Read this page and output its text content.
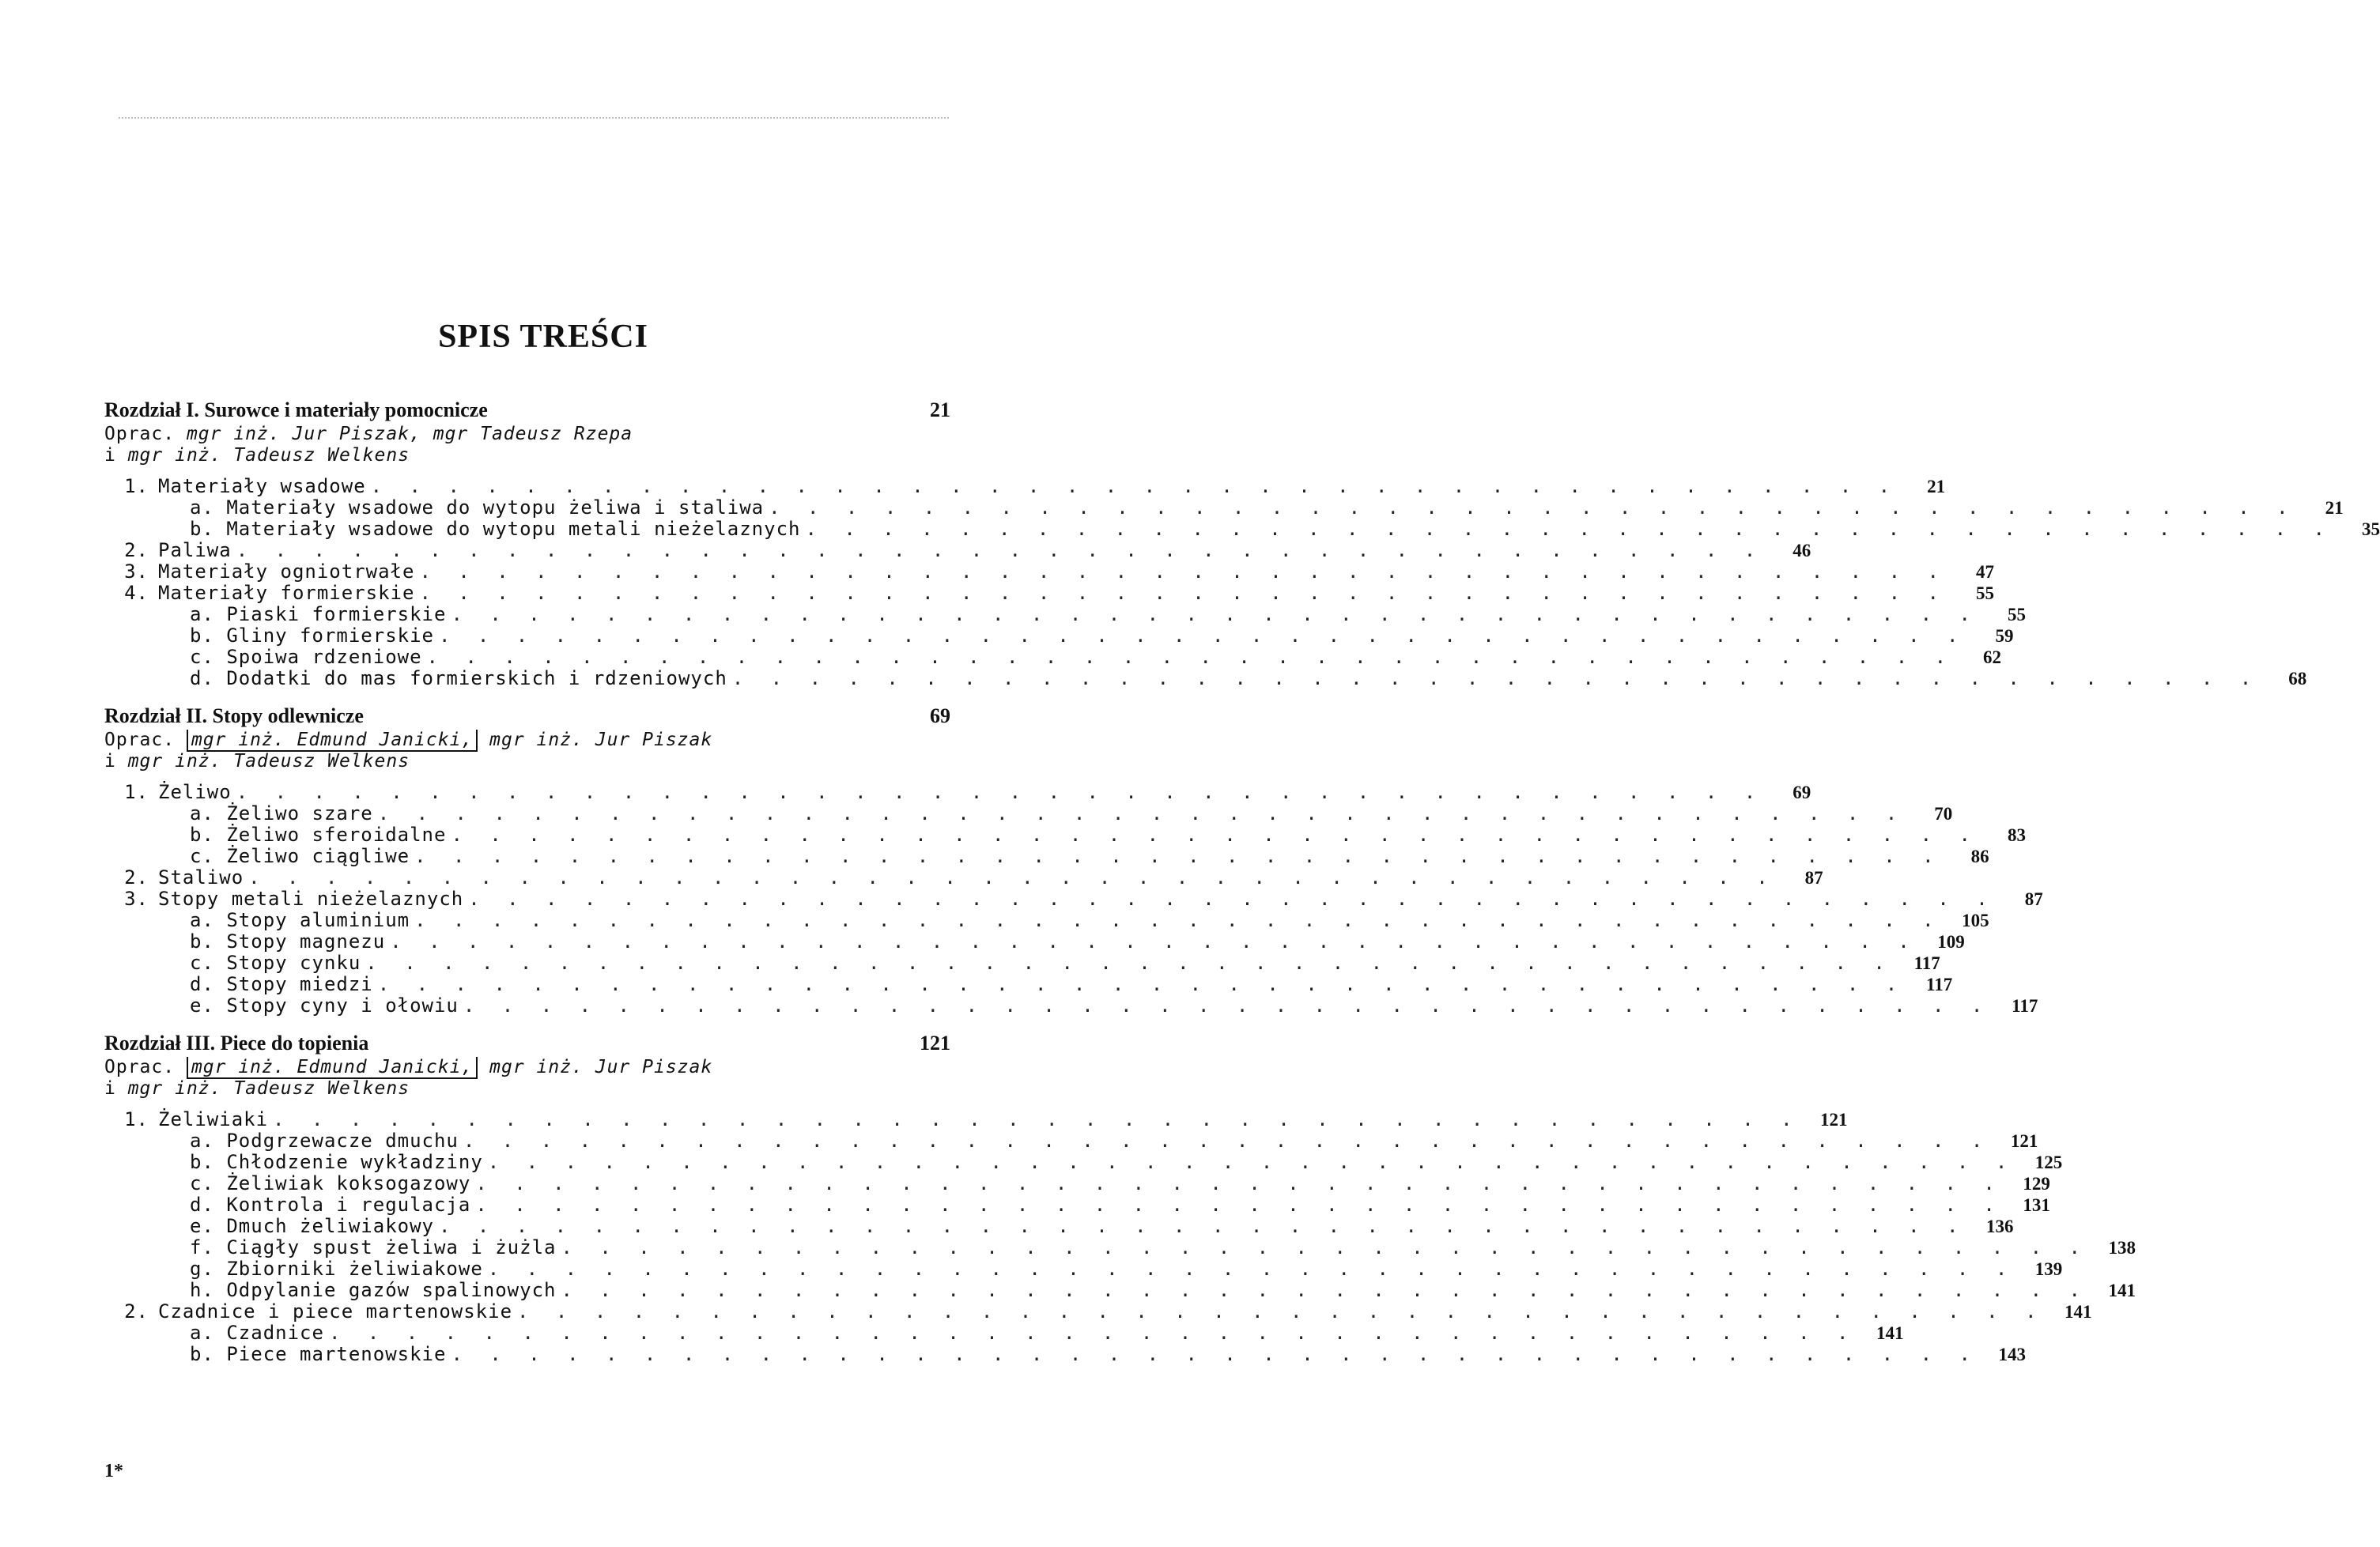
SPIS TREŚCI
Rozdział I. Surowce i materiały pomocnicze	21
Oprac. mgr inż. Jur Piszak, mgr Tadeusz Rzepa
i mgr inż. Tadeusz Welkens
1. Materiały wsadowe . . . . . . . . . . . . . . . . . . . . . . . . . . . . . . . . . . . . . . . .	21
a. Materiały wsadowe do wytopu żeliwa i staliwa . . . . . . . . . . . . . . . . . . . . . . . . . . . . . . . . . . . . . . . .	21
b. Materiały wsadowe do wytopu metali nieżelaznych . . . . . . . . . . . . . . . . . . . . . . . . . . . . . . . . . . . . . . . .	35
2. Paliwa . . . . . . . . . . . . . . . . . . . . . . . . . . . . . . . . . . . . . . . .	46
3. Materiały ogniotrwałe . . . . . . . . . . . . . . . . . . . . . . . . . . . . . . . . . . . . . . . .	47
4. Materiały formierskie . . . . . . . . . . . . . . . . . . . . . . . . . . . . . . . . . . . . . . . .	55
a. Piaski formierskie . . . . . . . . . . . . . . . . . . . . . . . . . . . . . . . . . . . . . . . .	55
b. Gliny formierskie . . . . . . . . . . . . . . . . . . . . . . . . . . . . . . . . . . . . . . . .	59
c. Spoiwa rdzeniowe . . . . . . . . . . . . . . . . . . . . . . . . . . . . . . . . . . . . . . . .	62
d. Dodatki do mas formierskich i rdzeniowych . . . . . . . . . . . . . . . . . . . . . . . . . . . . . . . . . . . . . . . .	68
Rozdział II. Stopy odlewnicze	69
Oprac. mgr inż. Edmund Janicki, mgr inż. Jur Piszak
i mgr inż. Tadeusz Welkens
1. Żeliwo . . . . . . . . . . . . . . . . . . . . . . . . . . . . . . . . . . . . . . . .	69
a. Żeliwo szare . . . . . . . . . . . . . . . . . . . . . . . . . . . . . . . . . . . . . . . .	70
b. Żeliwo sferoidalne . . . . . . . . . . . . . . . . . . . . . . . . . . . . . . . . . . . . . . . .	83
c. Żeliwo ciągliwe . . . . . . . . . . . . . . . . . . . . . . . . . . . . . . . . . . . . . . . .	86
2. Staliwo . . . . . . . . . . . . . . . . . . . . . . . . . . . . . . . . . . . . . . . .	87
3. Stopy metali nieżelaznych . . . . . . . . . . . . . . . . . . . . . . . . . . . . . . . . . . . . . . . .	87
a. Stopy aluminium . . . . . . . . . . . . . . . . . . . . . . . . . . . . . . . . . . . . . . . .	105
b. Stopy magnezu . . . . . . . . . . . . . . . . . . . . . . . . . . . . . . . . . . . . . . . .	109
c. Stopy cynku . . . . . . . . . . . . . . . . . . . . . . . . . . . . . . . . . . . . . . . .	117
d. Stopy miedzi . . . . . . . . . . . . . . . . . . . . . . . . . . . . . . . . . . . . . . . .	117
e. Stopy cyny i ołowiu . . . . . . . . . . . . . . . . . . . . . . . . . . . . . . . . . . . . . . . .	117
Rozdział III. Piece do topienia	121
Oprac. mgr inż. Edmund Janicki, mgr inż. Jur Piszak
i mgr inż. Tadeusz Welkens
1. Żeliwiaki . . . . . . . . . . . . . . . . . . . . . . . . . . . . . . . . . . . . . . . .	121
a. Podgrzewacze dmuchu . . . . . . . . . . . . . . . . . . . . . . . . . . . . . . . . . . . . . . . .	121
b. Chłodzenie wykładziny . . . . . . . . . . . . . . . . . . . . . . . . . . . . . . . . . . . . . . . .	125
c. Żeliwiak koksogazowy . . . . . . . . . . . . . . . . . . . . . . . . . . . . . . . . . . . . . . . .	129
d. Kontrola i regulacja . . . . . . . . . . . . . . . . . . . . . . . . . . . . . . . . . . . . . . . .	131
e. Dmuch żeliwiakowy . . . . . . . . . . . . . . . . . . . . . . . . . . . . . . . . . . . . . . . .	136
f. Ciągły spust żeliwa i żużla . . . . . . . . . . . . . . . . . . . . . . . . . . . . . . . . . . . . . . . .	138
g. Zbiorniki żeliwiakowe . . . . . . . . . . . . . . . . . . . . . . . . . . . . . . . . . . . . . . . .	139
h. Odpylanie gazów spalinowych . . . . . . . . . . . . . . . . . . . . . . . . . . . . . . . . . . . . . . . .	141
2. Czadnice i piece martenowskie . . . . . . . . . . . . . . . . . . . . . . . . . . . . . . . . . . . . . . . .	141
a. Czadnice . . . . . . . . . . . . . . . . . . . . . . . . . . . . . . . . . . . . . . . .	141
b. Piece martenowskie . . . . . . . . . . . . . . . . . . . . . . . . . . . . . . . . . . . . . . . .	143
1*
